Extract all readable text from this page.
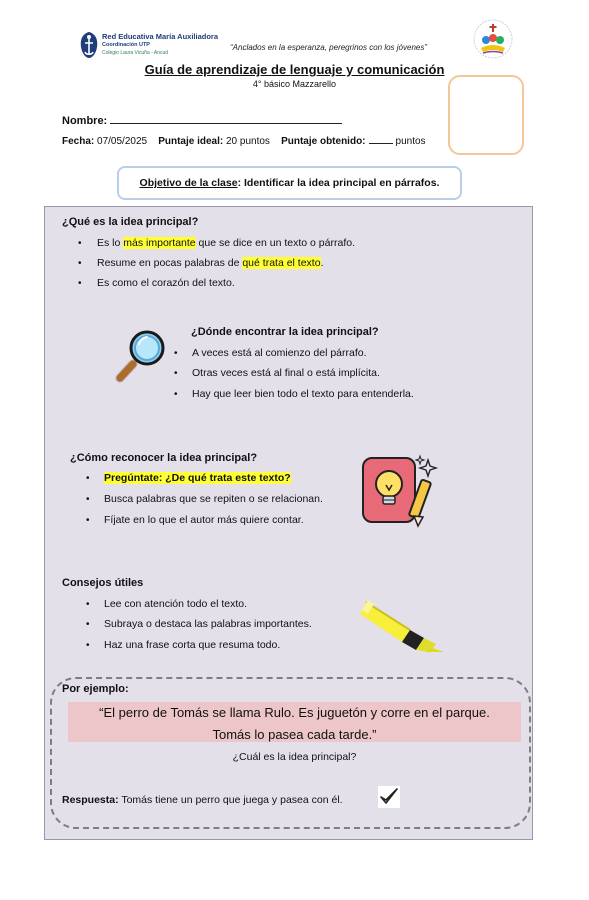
Red Educativa María Auxiliadora
Coordinación UTP
Colegio Laura Vicuña - Ancud
“Anclados en la esperanza, peregrinos con los jóvenes”
Guía de aprendizaje de lenguaje y comunicación
4° básico Mazzarello
Nombre:
Fecha: 07/05/2025 Puntaje ideal: 20 puntos Puntaje obtenido:	puntos
Objetivo de la clase: Identificar la idea principal en párrafos.
¿Qué es la idea principal?
• Es lo más importante que se dice en un texto o párrafo.
• Resume en pocas palabras de qué trata el texto.
• Es como el corazón del texto.
¿Dónde encontrar la idea principal?
• A veces está al comienzo del párrafo.
• Otras veces está al final o está implícita.
• Hay que leer bien todo el texto para entenderla.
¿Cómo reconocer la idea principal?
• Pregúntate: ¿De qué trata este texto?
• Busca palabras que se repiten o se relacionan.
• Fíjate en lo que el autor más quiere contar.
Consejos útiles
• Lee con atención todo el texto.
• Subraya o destaca las palabras importantes.
• Haz una frase corta que resuma todo.
Por ejemplo:
“El perro de Tomás se llama Rulo. Es juguetón y corre en el parque.
Tomás lo pasea cada tarde.”
¿Cuál es la idea principal?
Respuesta: Tomás tiene un perro que juega y pasea con él.
